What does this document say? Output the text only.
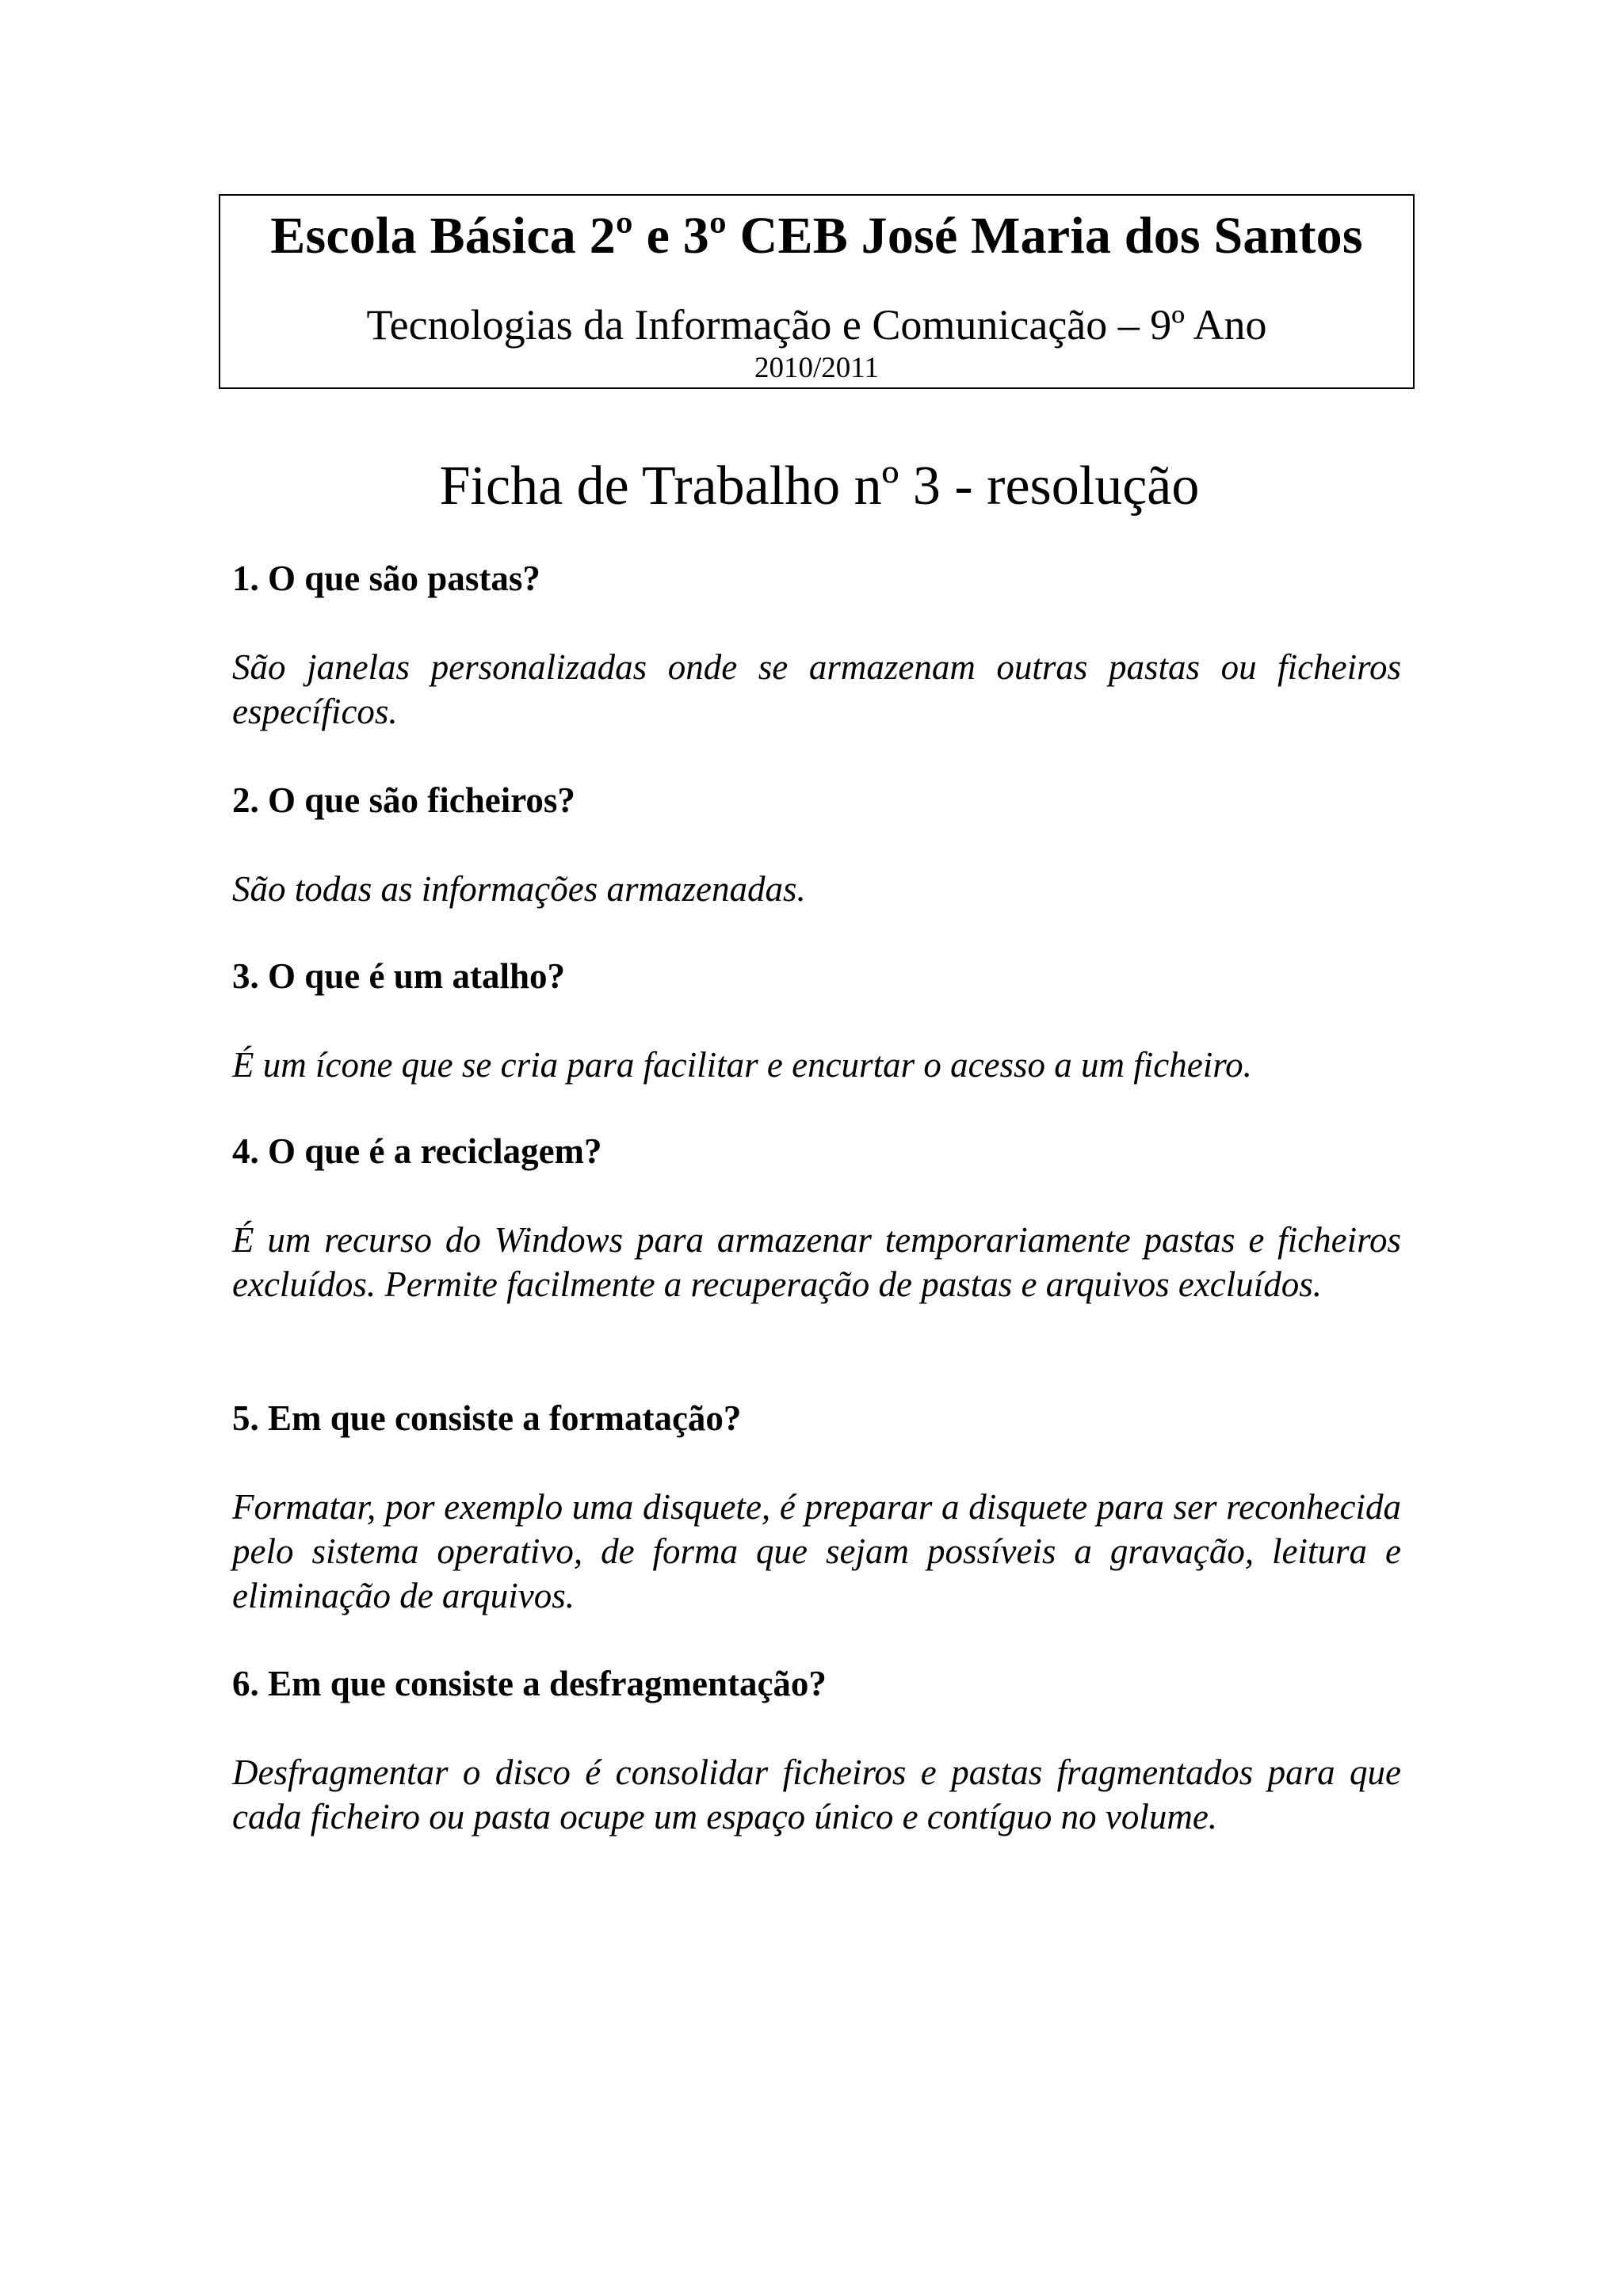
Escola Básica 2º e 3º CEB José Maria dos Santos

Tecnologias da Informação e Comunicação – 9º Ano

2010/2011

Ficha de Trabalho nº 3 - resolução

1. O que são pastas?

São janelas personalizadas onde se armazenam outras pastas ou ficheiros específicos.

2. O que são ficheiros?

São todas as informações armazenadas.

3. O que é um atalho?

É um ícone que se cria para facilitar e encurtar o acesso a um ficheiro.

4. O que é a reciclagem?

É um recurso do Windows para armazenar temporariamente pastas e ficheiros excluídos. Permite facilmente a recuperação de pastas e arquivos excluídos.

5. Em que consiste a formatação?

Formatar, por exemplo uma disquete, é preparar a disquete para ser reconhecida pelo sistema operativo, de forma que sejam possíveis a gravação, leitura e eliminação de arquivos.

6. Em que consiste a desfragmentação?

Desfragmentar o disco é consolidar ficheiros e pastas fragmentados para que cada ficheiro ou pasta ocupe um espaço único e contíguo no volume.
